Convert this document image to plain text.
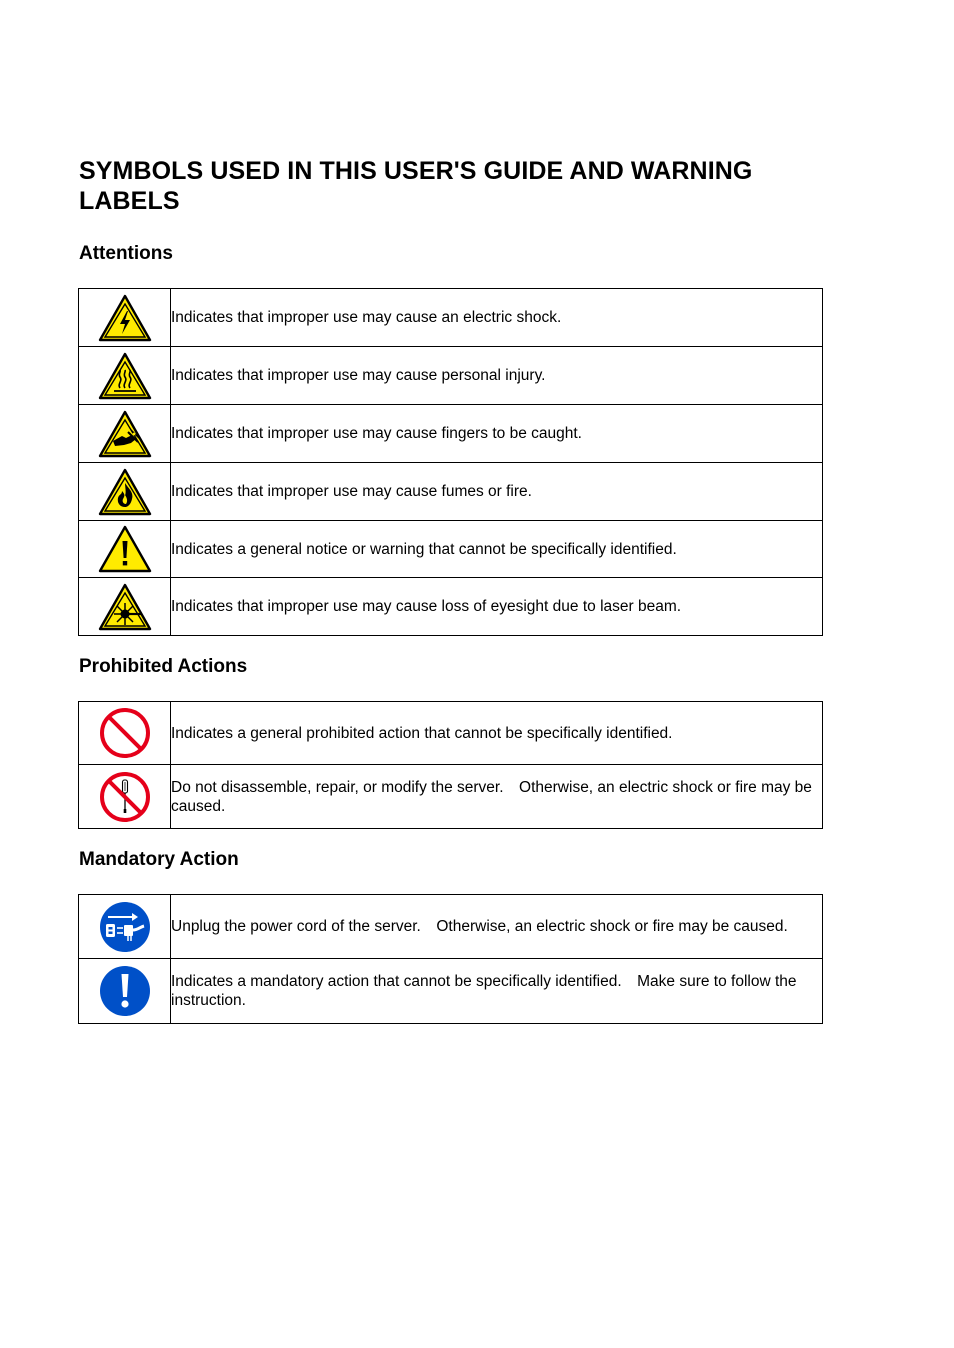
SYMBOLS USED IN THIS USER'S GUIDE AND WARNING LABELS
Attentions
	Indicates that improper use may cause an electric shock.

	Indicates that improper use may cause personal injury.

	Indicates that improper use may cause fingers to be caught.

	Indicates that improper use may cause fumes or fire.

	Indicates a general notice or warning that cannot be specifically identified.

	Indicates that improper use may cause loss of eyesight due to laser beam.
Prohibited Actions
	Indicates a general prohibited action that cannot be specifically identified.

	Do not disassemble, repair, or modify the server.　Otherwise, an electric shock or fire may be caused.
Mandatory Action
	Unplug the power cord of the server.　Otherwise, an electric shock or fire may be caused.

	Indicates a mandatory action that cannot be specifically identified.　Make sure to follow the instruction.
